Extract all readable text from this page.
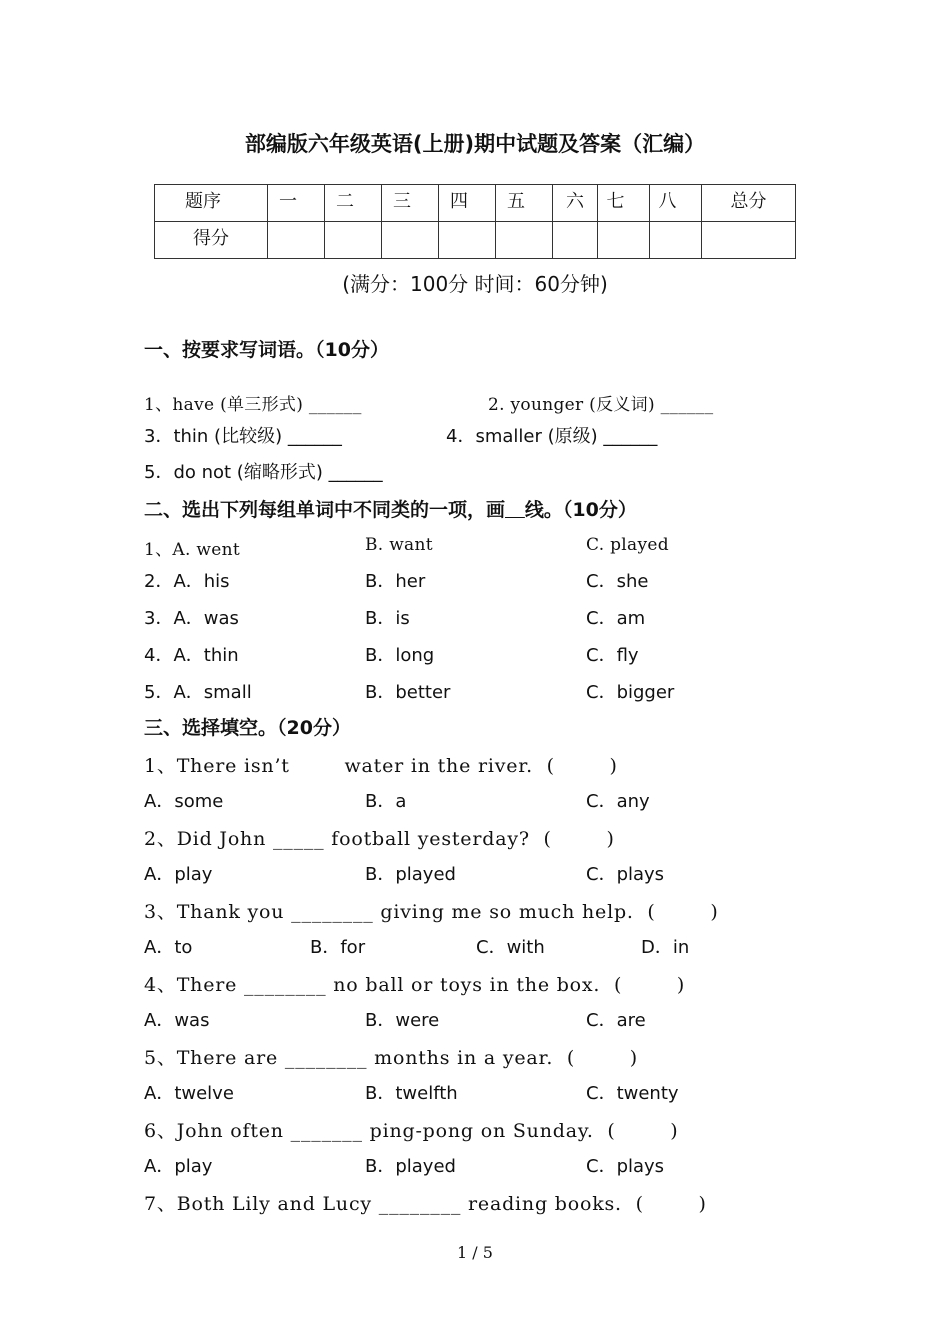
部编版六年级英语(上册)期中试题及答案（汇编）
题序	一	二	三	四	五	六	七	八	总分
得分									
(满分：100分 时间：60分钟)
一、按要求写词语。（10分）
1、have (单三形式) ______	2. younger (反义词) ______
3．thin (比较级) ______	4．smaller (原级) ______
5．do not (缩略形式) ______
二、选出下列每组单词中不同类的一项，画 线。（10分）
1、A. went	B. want	C. played
2．A．his	B．her	C．she
3．A．was	B．is	C．am
4．A．thin	B．long	C．fly
5．A．small	B．better	C．bigger
三、选择填空。（20分）
1、There isn’t        water in the river.  (        )
A．some	B．a	C．any
2、Did John _____ football yesterday?  (        )
A．play	B．played	C．plays
3、Thank you ________ giving me so much help.  (        )
A．to	B．for	C．with	D．in
4、There ________ no ball or toys in the box.  (        )
A．was	B．were	C．are
5、There are ________ months in a year.  (        )
A．twelve	B．twelfth	C．twenty
6、John often _______ ping-pong on Sunday.  (        )
A．play	B．played	C．plays
7、Both Lily and Lucy ________ reading books.  (        )
1 / 5
